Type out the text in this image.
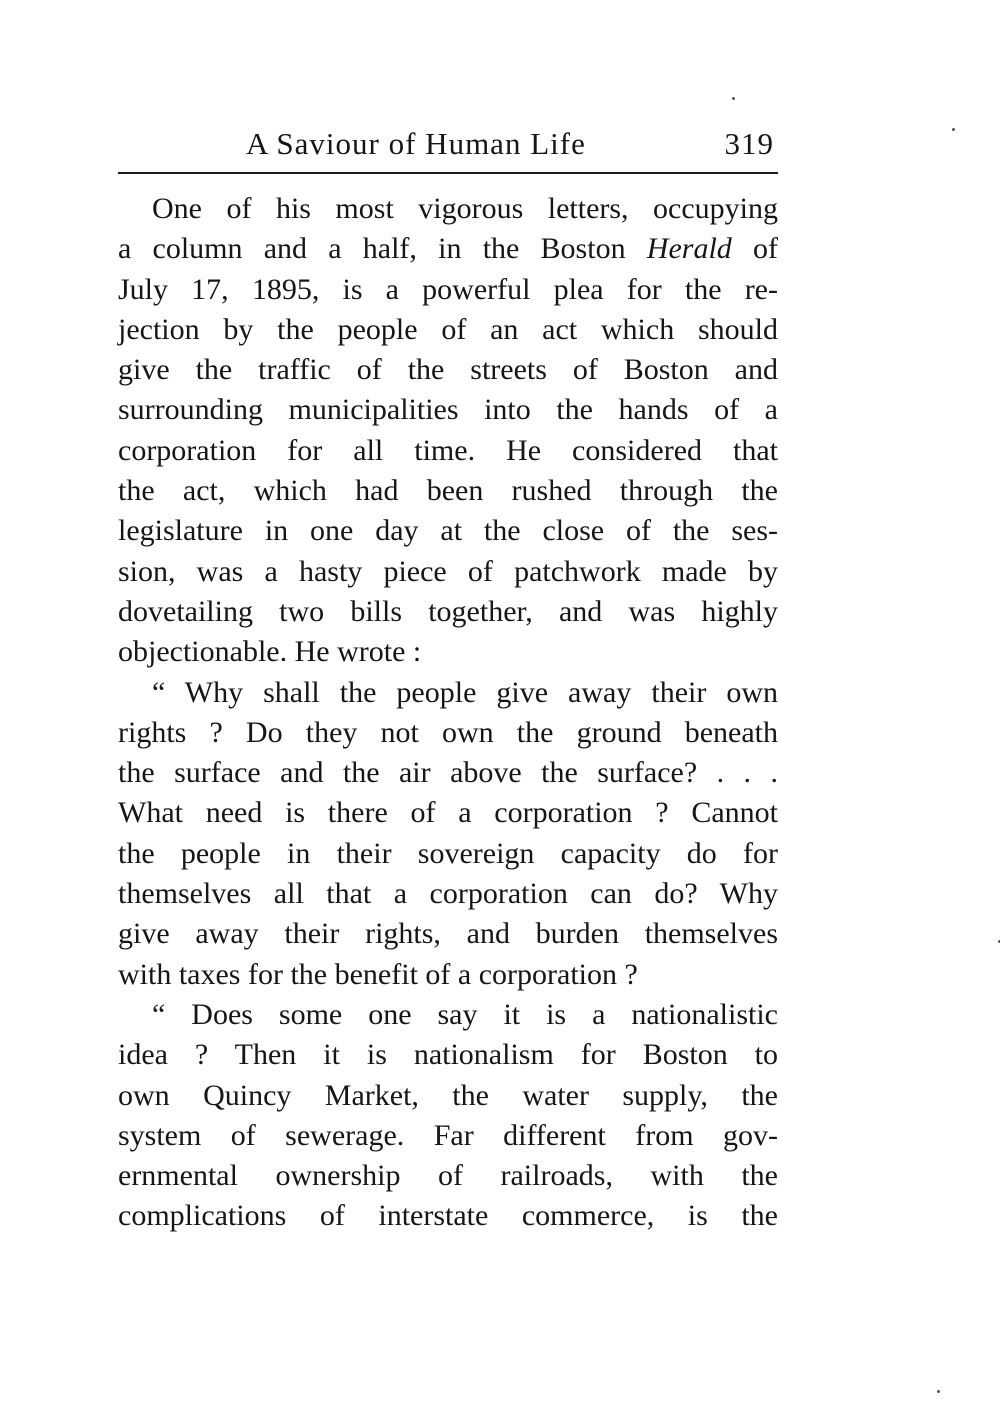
A Saviour of Human Life	319
One of his most vigorous letters, occupying
a column and a half, in the Boston Herald of
July 17, 1895, is a powerful plea for the re-
jection by the people of an act which should
give the traffic of the streets of Boston and
surrounding municipalities into the hands of a
corporation for all time. He considered that
the act, which had been rushed through the
legislature in one day at the close of the ses-
sion, was a hasty piece of patchwork made by
dovetailing two bills together, and was highly
objectionable. He wrote :
“ Why shall the people give away their own
rights ? Do they not own the ground beneath
the surface and the air above the surface? . . .
What need is there of a corporation ? Cannot
the people in their sovereign capacity do for
themselves all that a corporation can do? Why
give away their rights, and burden themselves
with taxes for the benefit of a corporation ?
“ Does some one say it is a nationalistic
idea ? Then it is nationalism for Boston to
own Quincy Market, the water supply, the
system of sewerage. Far different from gov-
ernmental ownership of railroads, with the
complications of interstate commerce, is the
